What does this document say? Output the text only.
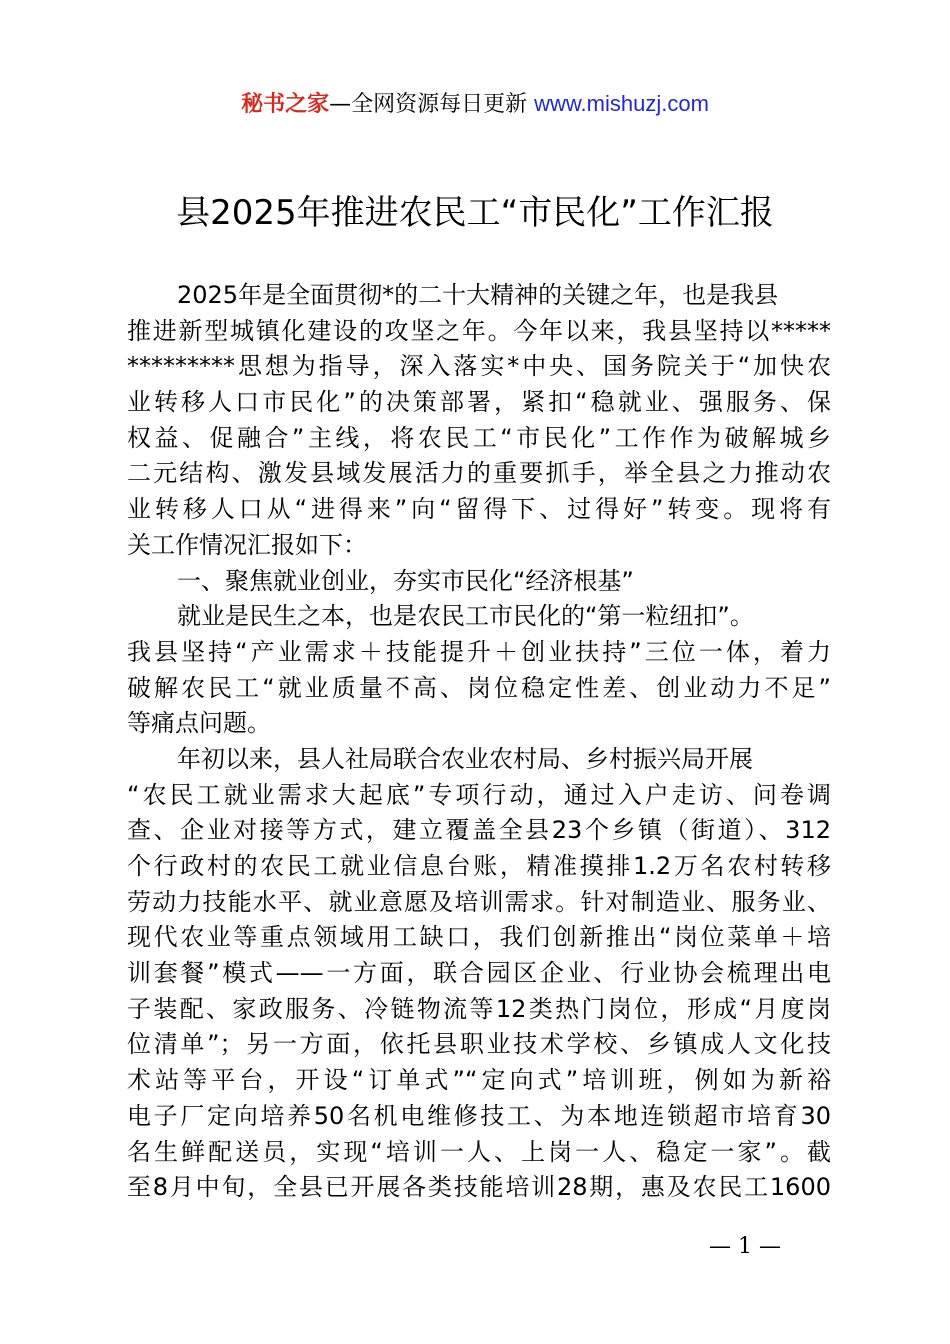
秘书之家—全网资源每日更新 www.mishuzj.com
县2025年推进农民工“市民化”工作汇报
2025年是全面贯彻*的二十大精神的关键之年，也是我县
推进新型城镇化建设的攻坚之年。今年以来，我县坚持以*****
*********思想为指导，深入落实*中央、国务院关于“加快农
业转移人口市民化”的决策部署，紧扣“稳就业、强服务、保
权益、促融合”主线，将农民工“市民化”工作作为破解城乡
二元结构、激发县域发展活力的重要抓手，举全县之力推动农
业转移人口从“进得来”向“留得下、过得好”转变。现将有
关工作情况汇报如下：
一、聚焦就业创业，夯实市民化“经济根基”
就业是民生之本，也是农民工市民化的“第一粒纽扣”。
我县坚持“产业需求＋技能提升＋创业扶持”三位一体，着力
破解农民工“就业质量不高、岗位稳定性差、创业动力不足”
等痛点问题。
年初以来，县人社局联合农业农村局、乡村振兴局开展
“农民工就业需求大起底”专项行动，通过入户走访、问卷调
查、企业对接等方式，建立覆盖全县23个乡镇（街道）、312
个行政村的农民工就业信息台账，精准摸排1.2万名农村转移
劳动力技能水平、就业意愿及培训需求。针对制造业、服务业、
现代农业等重点领域用工缺口，我们创新推出“岗位菜单＋培
训套餐”模式——一方面，联合园区企业、行业协会梳理出电
子装配、家政服务、冷链物流等12类热门岗位，形成“月度岗
位清单”；另一方面，依托县职业技术学校、乡镇成人文化技
术站等平台，开设“订单式”“定向式”培训班，例如为新裕
电子厂定向培养50名机电维修技工、为本地连锁超市培育30
名生鲜配送员，实现“培训一人、上岗一人、稳定一家”。截
至8月中旬，全县已开展各类技能培训28期，惠及农民工1600
— 1 —
